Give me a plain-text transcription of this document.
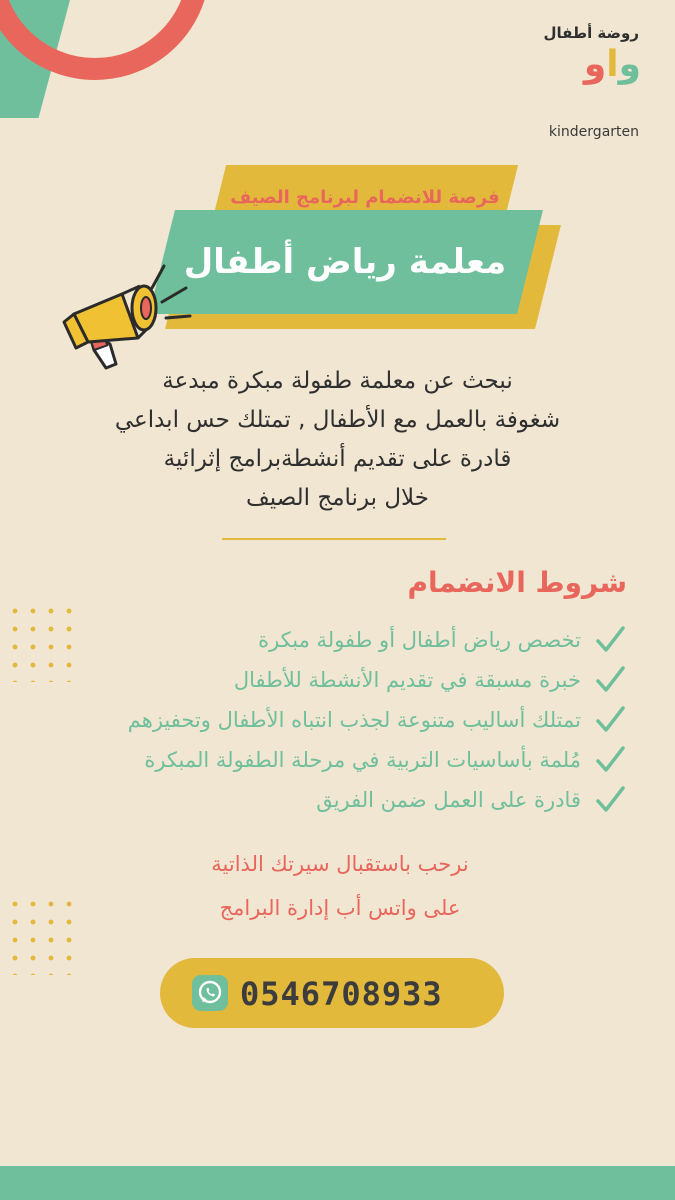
روضة أطفال
واو
kindergarten
فرصة للانضمام لبرنامج الصيف
معلمة رياض أطفال
نبحث عن معلمة طفولة مبكرة مبدعة
شغوفة بالعمل مع الأطفال , تمتلك حس ابداعي
قادرة على تقديم أنشطةبرامج إثرائية
خلال برنامج الصيف
شروط الانضمام
تخصص رياض أطفال أو طفولة مبكرة
خبرة مسبقة في تقديم الأنشطة للأطفال
تمتلك أساليب متنوعة لجذب انتباه الأطفال وتحفيزهم
مُلمة بأساسيات التربية في مرحلة الطفولة المبكرة
قادرة على العمل ضمن الفريق
نرحب باستقبال سيرتك الذاتية
على واتس أب إدارة البرامج
0546708933
